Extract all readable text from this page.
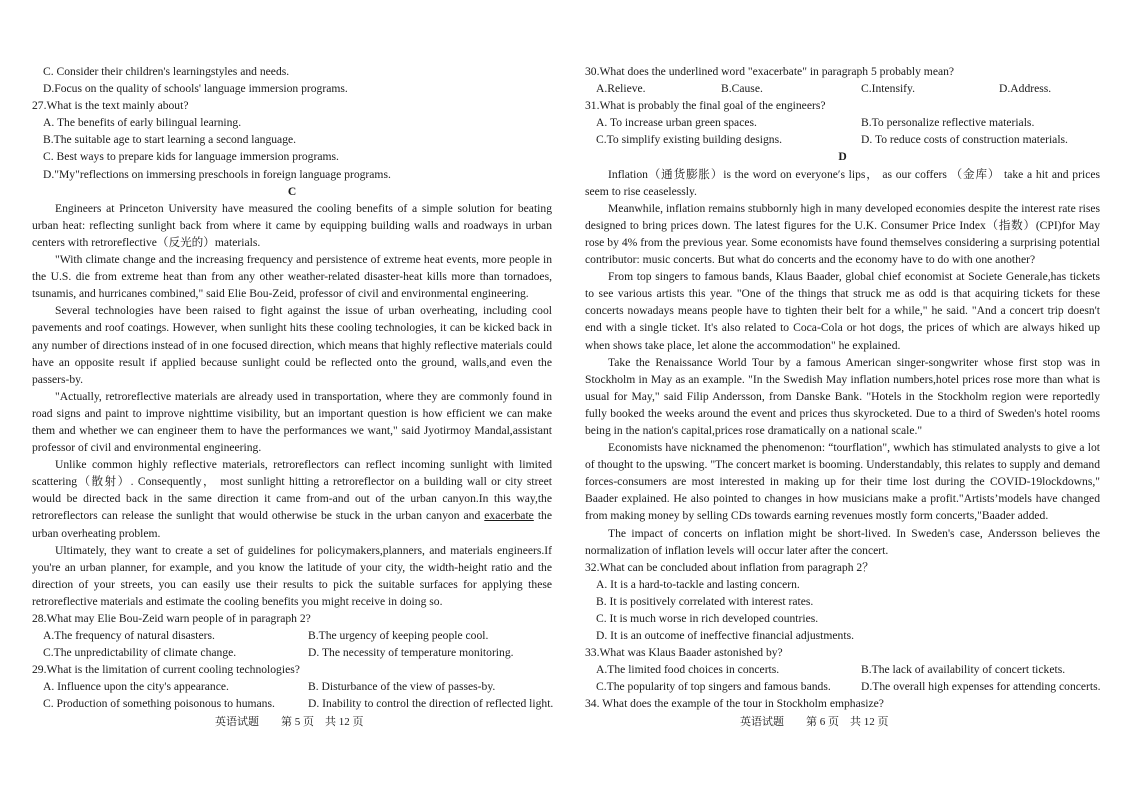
C. Consider their children's learningstyles and needs.
D.Focus on the quality of schools' language immersion programs.
27.What is the text mainly about?
A. The benefits of early bilingual learning.
B.The suitable age to start learning a second language.
C. Best ways to prepare kids for language immersion programs.
D."My"reflections on immersing preschools in foreign language programs.
C
Engineers at Princeton University have measured the cooling benefits of a simple solution for beating urban heat: reflecting sunlight back from where it came by equipping building walls and roadways in urban centers with retroreflective（反光的）materials.
"With climate change and the increasing frequency and persistence of extreme heat events, more people in the U.S. die from extreme heat than from any other weather-related disaster-heat kills more than tornadoes, tsunamis, and hurricanes combined," said Elie Bou-Zeid, professor of civil and environmental engineering.
Several technologies have been raised to fight against the issue of urban overheating, including cool pavements and roof coatings. However, when sunlight hits these cooling technologies, it can be kicked back in any number of directions instead of in one focused direction, which means that highly reflective materials could have an opposite result if applied because sunlight could be reflected onto the ground, walls,and even the passers-by.
"Actually, retroreflective materials are already used in transportation, where they are commonly found in road signs and paint to improve nighttime visibility, but an important question is how efficient we can make them and whether we can engineer them to have the performances we want," said Jyotirmoy Mandal,assistant professor of civil and environmental engineering.
Unlike common highly reflective materials, retroreflectors can reflect incoming sunlight with limited scattering（散射）. Consequently， most sunlight hitting a retroreflector on a building wall or city street would be directed back in the same direction it came from-and out of the urban canyon.In this way,the retroreflectors can release the sunlight that would otherwise be stuck in the urban canyon and exacerbate the urban overheating problem.
Ultimately, they want to create a set of guidelines for policymakers,planners, and materials engineers.If you're an urban planner, for example, and you know the latitude of your city, the width-height ratio and the direction of your streets, you can easily use their results to pick the suitable surfaces for applying these retroreflective materials and estimate the cooling benefits you might receive in doing so.
28.What may Elie Bou-Zeid warn people of in paragraph 2?
A.The frequency of natural disasters.	B.The urgency of keeping people cool.
C.The unpredictability of climate change.	D. The necessity of temperature monitoring.
29.What is the limitation of current cooling technologies?
A. Influence upon the city's appearance.	B. Disturbance of the view of passes-by.
C. Production of something poisonous to humans.	D. Inability to control the direction of reflected light.
30.What does the underlined word "exacerbate" in paragraph 5 probably mean?
A.Relieve.	B.Cause.	C.Intensify.	D.Address.
31.What is probably the final goal of the engineers?
A. To increase urban green spaces.	B.To personalize reflective materials.
C.To simplify existing building designs.	D. To reduce costs of construction materials.
D
Inflation（通货膨胀）is the word on everyone′s lips， as our coffers （金库） take a hit and prices seem to rise ceaselessly.
Meanwhile, inflation remains stubbornly high in many developed economies despite the interest rate rises designed to bring prices down. The latest figures for the U.K. Consumer Price Index（指数）(CPI)for May rose by 4% from the previous year. Some economists have found themselves considering a surprising potential contributor: music concerts. But what do concerts and the economy have to do with one another?
From top singers to famous bands, Klaus Baader, global chief economist at Societe Generale,has tickets to see various artists this year. "One of the things that struck me as odd is that acquiring tickets for these concerts nowadays means people have to tighten their belt for a while," he said. "And a concert trip doesn't end with a single ticket. It's also related to Coca-Cola or hot dogs, the prices of which are always hiked up when shows take place, let alone the accommodation" he explained.
Take the Renaissance World Tour by a famous American singer-songwriter whose first stop was in Stockholm in May as an example. "In the Swedish May inflation numbers,hotel prices rose more than what is usual for May," said Filip Andersson, from Danske Bank. "Hotels in the Stockholm region were reportedly fully booked the weeks around the event and prices thus skyrocketed. Due to a third of Sweden's hotel rooms being in the nation's capital,prices rose dramatically on a national scale."
Economists have nicknamed the phenomenon: “tourflation", wwhich has stimulated analysts to give a lot of thought to the upswing. "The concert market is booming. Understandably, this relates to supply and demand forces-consumers are most interested in making up for their time lost during the COVID-19lockdowns," Baader explained. He also pointed to changes in how musicians make a profit."Artists’models have changed from making money by selling CDs towards earning revenues mostly form concerts,"Baader added.
The impact of concerts on inflation might be short-lived. In Sweden's case, Andersson believes the normalization of inflation levels will occur later after the concert.
32.What can be concluded about inflation from paragraph 2？
A. It is a hard-to-tackle and lasting concern.
B. It is positively correlated with interest rates.
C. It is much worse in rich developed countries.
D. It is an outcome of ineffective financial adjustments.
33.What was Klaus Baader astonished by?
A.The limited food choices in concerts.	B.The lack of availability of concert tickets.
C.The popularity of top singers and famous bands.	D.The overall high expenses for attending concerts.
34. What does the example of the tour in Stockholm emphasize?
英语试题 第 5 页　共 12 页	英语试题 第 6 页　共 12 页
